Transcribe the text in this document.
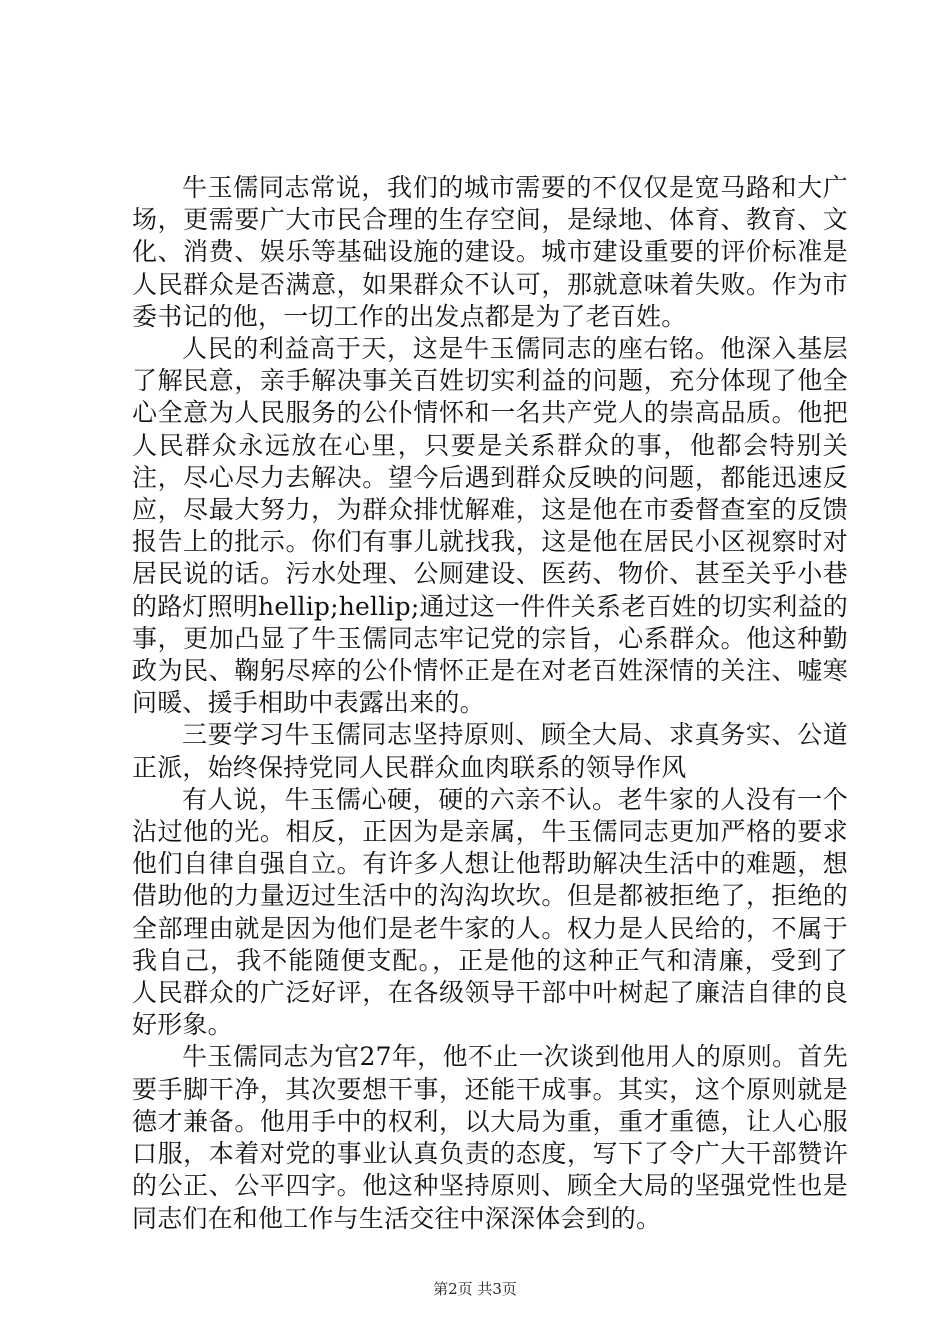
牛玉儒同志常说，我们的城市需要的不仅仅是宽马路和大广场，更需要广大市民合理的生存空间，是绿地、体育、教育、文化、消费、娱乐等基础设施的建设。城市建设重要的评价标准是人民群众是否满意，如果群众不认可，那就意味着失败。作为市委书记的他，一切工作的出发点都是为了老百姓。

人民的利益高于天，这是牛玉儒同志的座右铭。他深入基层了解民意，亲手解决事关百姓切实利益的问题，充分体现了他全心全意为人民服务的公仆情怀和一名共产党人的崇高品质。他把人民群众永远放在心里，只要是关系群众的事，他都会特别关注，尽心尽力去解决。望今后遇到群众反映的问题，都能迅速反应，尽最大努力，为群众排忧解难，这是他在市委督查室的反馈报告上的批示。你们有事儿就找我，这是他在居民小区视察时对居民说的话。污水处理、公厕建设、医药、物价、甚至关乎小巷的路灯照明hellip;hellip;通过这一件件关系老百姓的切实利益的事，更加凸显了牛玉儒同志牢记党的宗旨，心系群众。他这种勤政为民、鞠躬尽瘁的公仆情怀正是在对老百姓深情的关注、嘘寒问暖、援手相助中表露出来的。

三要学习牛玉儒同志坚持原则、顾全大局、求真务实、公道正派，始终保持党同人民群众血肉联系的领导作风

有人说，牛玉儒心硬，硬的六亲不认。老牛家的人没有一个沾过他的光。相反，正因为是亲属，牛玉儒同志更加严格的要求他们自律自强自立。有许多人想让他帮助解决生活中的难题，想借助他的力量迈过生活中的沟沟坎坎。但是都被拒绝了，拒绝的全部理由就是因为他们是老牛家的人。权力是人民给的，不属于我自己，我不能随便支配。，正是他的这种正气和清廉，受到了人民群众的广泛好评，在各级领导干部中叶树起了廉洁自律的良好形象。

牛玉儒同志为官27年，他不止一次谈到他用人的原则。首先要手脚干净，其次要想干事，还能干成事。其实，这个原则就是德才兼备。他用手中的权利，以大局为重，重才重德，让人心服口服，本着对党的事业认真负责的态度，写下了令广大干部赞许的公正、公平四字。他这种坚持原则、顾全大局的坚强党性也是同志们在和他工作与生活交往中深深体会到的。

第2页 共3页
